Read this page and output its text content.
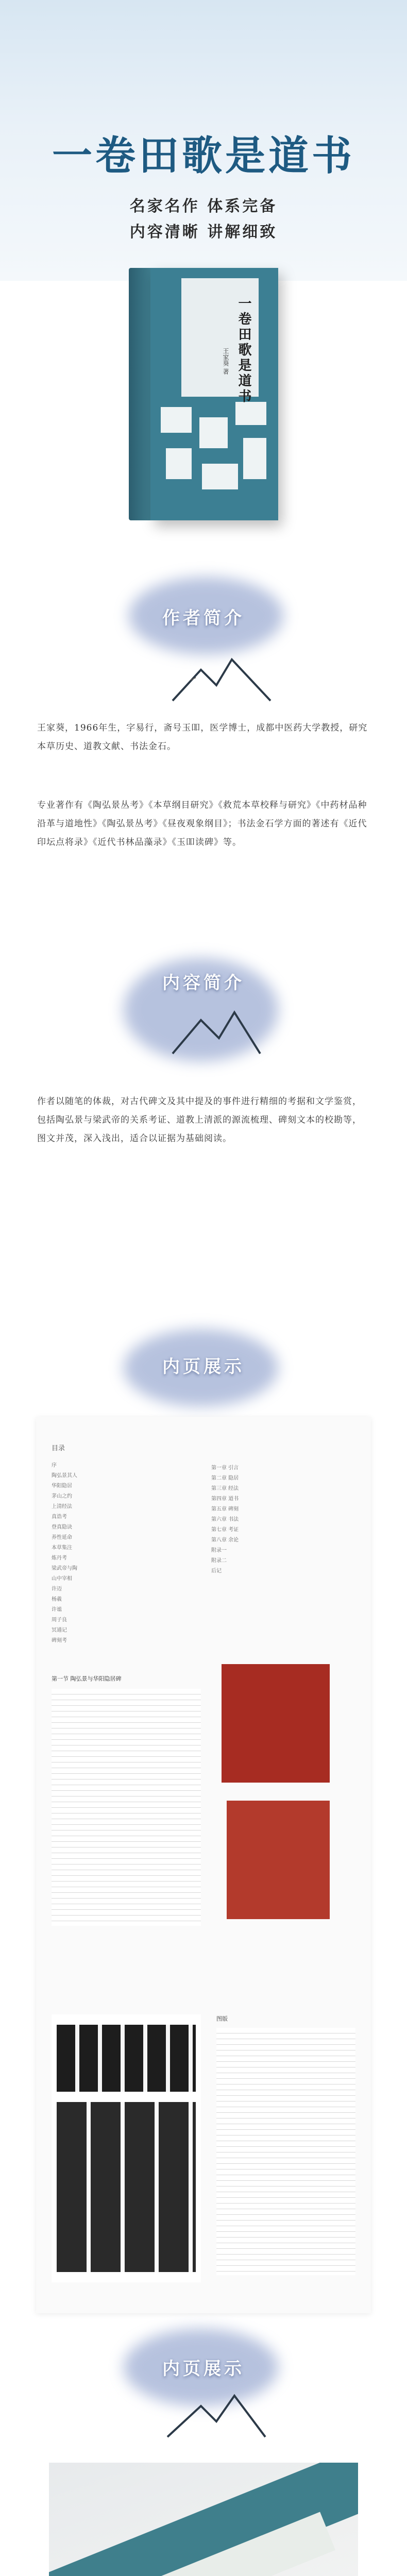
一卷田歌是道书
名家名作 体系完备
内容清晰 讲解细致
一卷田歌是道书
王家葵 著
作者简介
王家葵，1966年生，字易行，斋号玉吅，医学博士，成都中医药大学教授，研究本草历史、道教文献、书法金石。
专业著作有《陶弘景丛考》《本草纲目研究》《救荒本草校释与研究》《中药材品种沿革与道地性》《陶弘景丛考》《昼夜观象纲目》；书法金石学方面的著述有《近代印坛点将录》《近代书林品藻录》《玉吅读碑》等。
内容简介
作者以随笔的体裁，对古代碑文及其中提及的事件进行精细的考据和文学鉴赏，包括陶弘景与梁武帝的关系考证、道教上清派的源流梳理、碑刻文本的校勘等，图文并茂，深入浅出，适合以证据为基础阅读。
内页展示
目录
序
陶弘景其人
华阳隐居
茅山之约
上清经法
真诰考
登真隐诀
养性延命
本草集注
炼丹考
梁武帝与陶
山中宰相
许迈
杨羲
许谧
周子良
冥通记
碑刻考
第一章 引言
第二章 隐居
第三章 经法
第四章 道书
第五章 碑刻
第六章 书法
第七章 考证
第八章 余论
附录一
附录二
后记
第一节 陶弘景与华阳隐居碑
图版
内页展示
